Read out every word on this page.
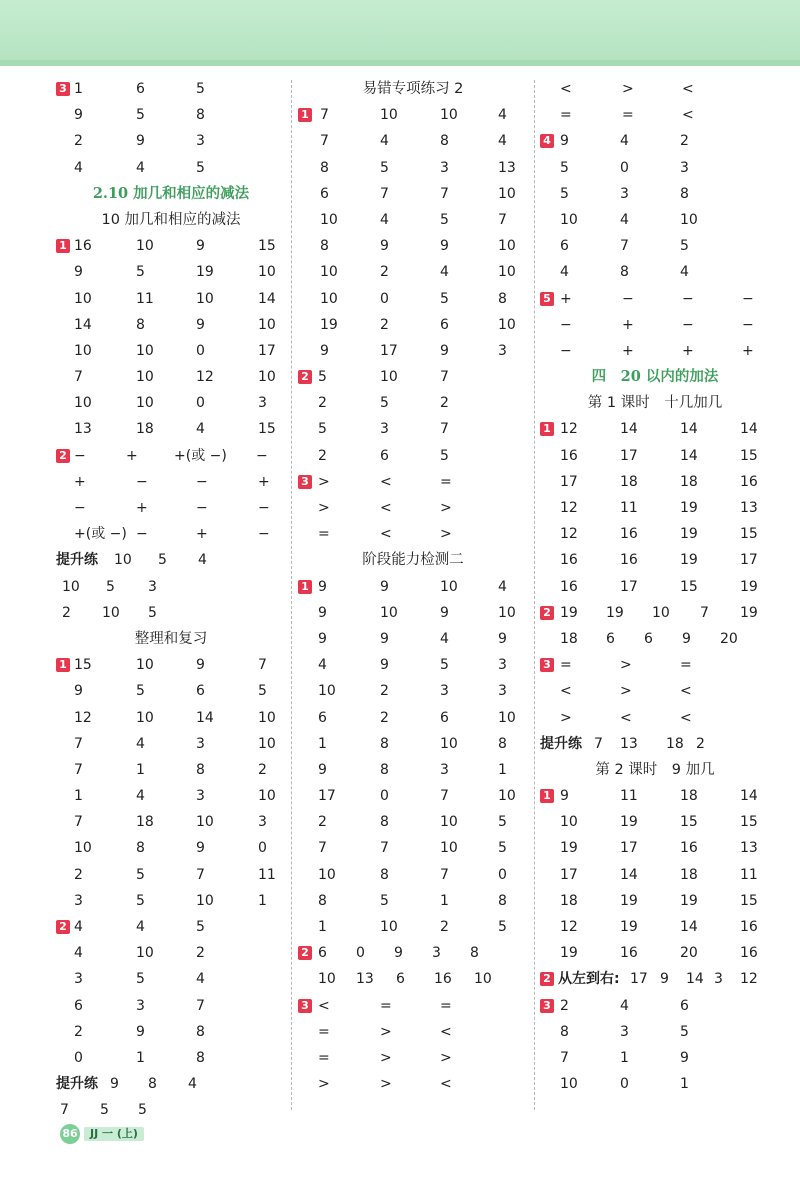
3 1	6	5
9	5	8
2	9	3
4	4	5
2.10 加几和相应的减法
10 加几和相应的减法
1 16	10	9	15
9	5	19	10
10	11	10	14
14	8	9	10
10	10	0	17
7	10	12	10
10	10	0	3
13	18	4	15
2 −	+	+(或 −) −
+	−	−	+
−	+	−	−
+(或 −) −	+	−
提升练 10 5 4
10 5 3
2 10 5
整理和复习
1 15	10	9	7
9	5	6	5
12	10	14	10
7	4	3	10
7	1	8	2
1	4	3	10
7	18	10	3
10	8	9	0
2	5	7	11
3	5	10	1
2 4	4	5
4	10	2
3	5	4
6	3	7
2	9	8
0	1	8
提升练 9 8 4
7 5 5
易错专项练习 2
1 7	10	10	4
7	4	8	4
8	5	3	13
6	7	7	10
10	4	5	7
8	9	9	10
10	2	4	10
10	0	5	8
19	2	6	10
9	17	9	3
2 5	10	7
2	5	2
5	3	7
2	6	5
3 >	<	=
>	<	>
=	<	>
阶段能力检测二
1 9	9	10	4
9	10	9	10
9	9	4	9
4	9	5	3
10	2	3	3
6	2	6	10
1	8	10	8
9	8	3	1
17	0	7	10
2	8	10	5
7	7	10	5
10	8	7	0
8	5	1	8
1	10	2	5
2 6 0 9 3 8
10 13 6 16 10
3 <	=	=
=	>	<
=	>	>
>	>	<
<	>	<
=	=	<
4 9	4	2
5	0	3
5	3	8
10	4	10
6	7	5
4	8	4
5 +	−	−	−
−	+	−	−
−	+	+	+
四　20 以内的加法
第 1 课时　十几加几
1 12	14	14	14
16	17	14	15
17	18	18	16
12	11	19	13
12	16	19	15
16	16	19	17
16	17	15	19
2 19 19 10 7 19
18 6 6 9 20
3 =	>	=
<	>	<
>	<	<
提升练 7 13 18 2
第 2 课时　9 加几
1 9	11	18	14
10	19	15	15
19	17	16	13
17	14	18	11
18	19	19	15
12	19	14	16
19	16	20	16
2 从左到右: 17 9 14 3 12
3 2	4	6
8	3	5
7	1	9
10	0	1
86	JJ 一 (上)
